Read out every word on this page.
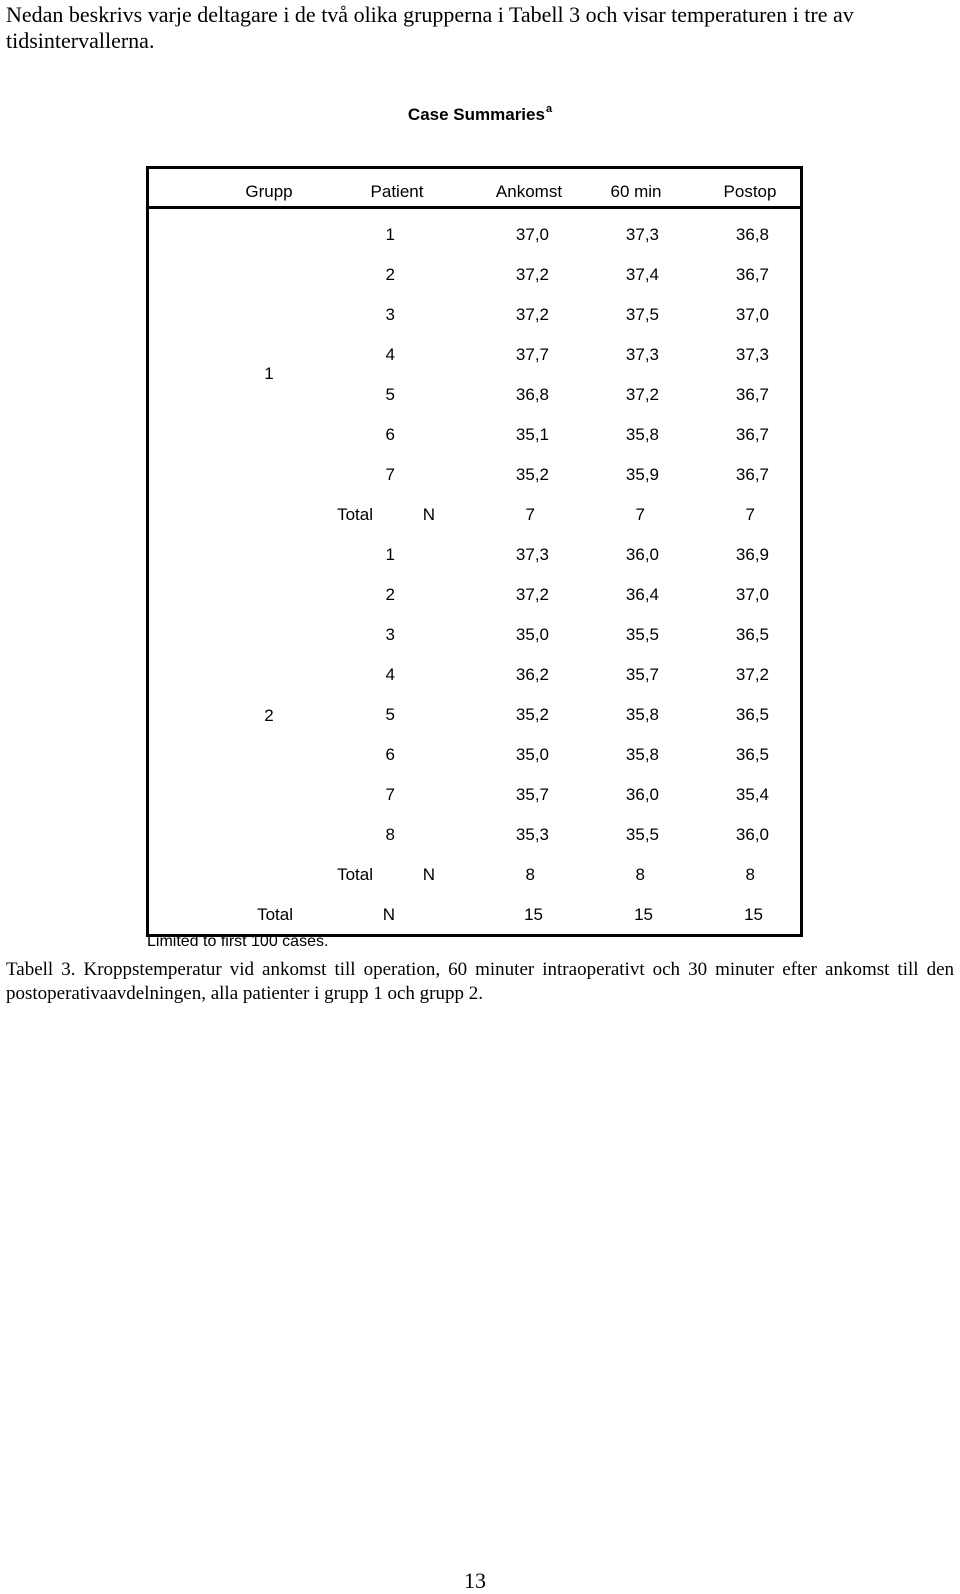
Nedan beskrivs varje deltagare i de två olika grupperna i Tabell 3 och visar temperaturen i tre av tidsintervallerna.

Case Summaries$^a$
Grupp	Patient	Ankomst	60 min	Postop
1
1	37,0	37,3	36,8
2	37,2	37,4	36,7
3	37,2	37,5	37,0
4	37,7	37,3	37,3
5	36,8	37,2	36,7
6	35,1	35,8	36,7
7	35,2	35,9	36,7
Total	N	7	7	7
2
1	37,3	36,0	36,9
2	37,2	36,4	37,0
3	35,0	35,5	36,5
4	36,2	35,7	37,2
5	35,2	35,8	36,5
6	35,0	35,8	36,5
7	35,7	36,0	35,4
8	35,3	35,5	36,0
Total	N	8	8	8
Total	N	15	15	15
Limited to first 100 cases.

Tabell 3. Kroppstemperatur vid ankomst till operation, 60 minuter intraoperativt och 30 minuter efter ankomst till den postoperativaavdelningen, alla patienter i grupp 1 och grupp 2.

13
